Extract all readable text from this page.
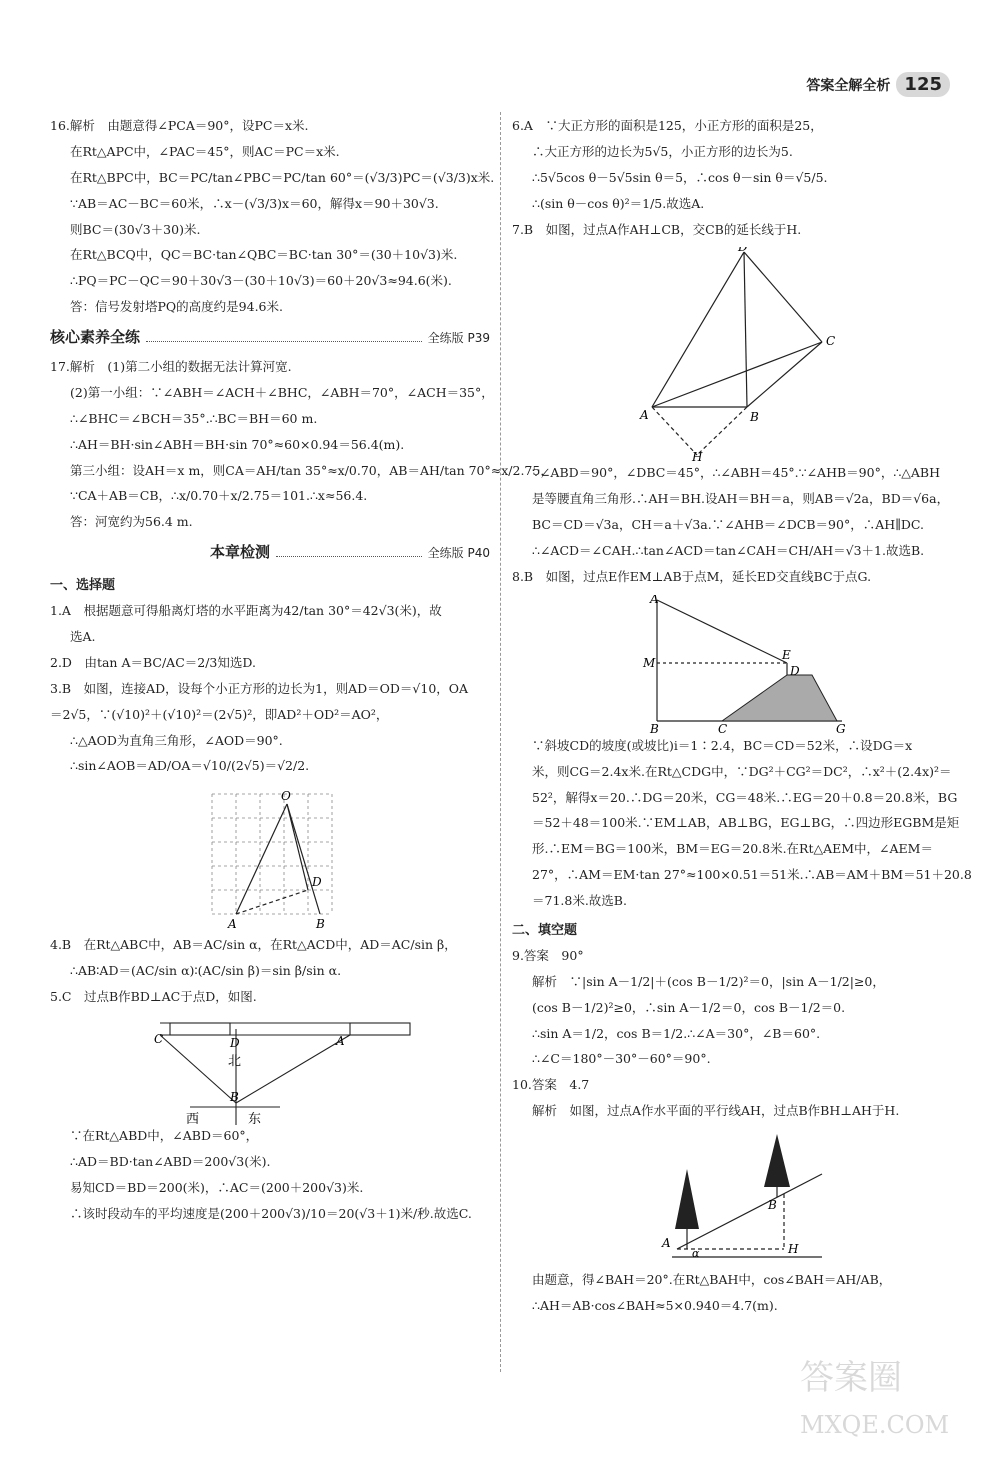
答案全解全析 125
16.解析　由题意得∠PCA＝90°，设PC＝x米.
在Rt△APC中，∠PAC＝45°，则AC＝PC＝x米.
在Rt△BPC中，BC＝PC/tan∠PBC＝PC/tan 60°＝(√3/3)PC＝(√3/3)x米.
∵AB＝AC－BC＝60米，∴x－(√3/3)x＝60，解得x＝90＋30√3.
则BC＝(30√3＋30)米.
在Rt△BCQ中，QC＝BC·tan∠QBC＝BC·tan 30°＝(30＋10√3)米.
∴PQ＝PC－QC＝90＋30√3－(30＋10√3)＝60＋20√3≈94.6(米).
答：信号发射塔PQ的高度约是94.6米.
核心素养全练	全练版 P39
17.解析　(1)第二小组的数据无法计算河宽.
(2)第一小组：∵∠ABH＝∠ACH＋∠BHC，∠ABH＝70°，∠ACH＝35°，
∴∠BHC＝∠BCH＝35°.∴BC＝BH＝60 m.
∴AH＝BH·sin∠ABH＝BH·sin 70°≈60×0.94＝56.4(m).
第三小组：设AH＝x m，则CA＝AH/tan 35°≈x/0.70，AB＝AH/tan 70°≈x/2.75，
∵CA＋AB＝CB，∴x/0.70＋x/2.75＝101.∴x≈56.4.
答：河宽约为56.4 m.
本章检测	全练版 P40
一、选择题
1.A　根据题意可得船离灯塔的水平距离为42/tan 30°＝42√3(米)，故
选A.
2.D　由tan A＝BC/AC＝2/3知选D.
3.B　如图，连接AD，设每个小正方形的边长为1，则AD＝OD＝√10，OA
＝2√5，∵(√10)²＋(√10)²＝(2√5)²，即AD²＋OD²＝AO²，
∴△AOD为直角三角形，∠AOD＝90°.
∴sin∠AOB＝AD/OA＝√10/(2√5)＝√2/2.
O
D
A	B
4.B　在Rt△ABC中，AB＝AC/sin α，在Rt△ACD中，AD＝AC/sin β，
∴AB∶AD＝(AC/sin α)∶(AC/sin β)＝sin β/sin α.
5.C　过点B作BD⊥AC于点D，如图.
C	D	A
B
北
西	东
∵在Rt△ABD中，∠ABD＝60°，
∴AD＝BD·tan∠ABD＝200√3(米).
易知CD＝BD＝200(米)，∴AC＝(200＋200√3)米.
∴该时段动车的平均速度是(200＋200√3)/10＝20(√3＋1)米/秒.故选C.
6.A　∵大正方形的面积是125，小正方形的面积是25，
∴大正方形的边长为5√5，小正方形的边长为5.
∴5√5cos θ－5√5sin θ＝5，∴cos θ－sin θ＝√5/5.
∴(sin θ－cos θ)²＝1/5.故选A.
7.B　如图，过点A作AH⊥CB，交CB的延长线于H.
D
C
A	B
H
∵∠ABD＝90°，∠DBC＝45°，∴∠ABH＝45°.∵∠AHB＝90°，∴△ABH
是等腰直角三角形.∴AH＝BH.设AH＝BH＝a，则AB＝√2a，BD＝√6a，
BC＝CD＝√3a，CH＝a＋√3a.∵∠AHB＝∠DCB＝90°，∴AH∥DC.
∴∠ACD＝∠CAH.∴tan∠ACD＝tan∠CAH＝CH/AH＝√3＋1.故选B.
8.B　如图，过点E作EM⊥AB于点M，延长ED交直线BC于点G.
A
M
E
D
B	C	G
∵斜坡CD的坡度(或坡比)i＝1∶2.4，BC＝CD＝52米，∴设DG＝x
米，则CG＝2.4x米.在Rt△CDG中，∵DG²＋CG²＝DC²，∴x²＋(2.4x)²＝
52²，解得x＝20.∴DG＝20米，CG＝48米.∴EG＝20＋0.8＝20.8米，BG
＝52＋48＝100米.∵EM⊥AB，AB⊥BG，EG⊥BG，∴四边形EGBM是矩
形.∴EM＝BG＝100米，BM＝EG＝20.8米.在Rt△AEM中，∠AEM＝
27°，∴AM＝EM·tan 27°≈100×0.51＝51米.∴AB＝AM＋BM＝51＋20.8
＝71.8米.故选B.
二、填空题
9.答案　90°
解析　∵|sin A－1/2|＋(cos B－1/2)²＝0，|sin A－1/2|≥0，
(cos B－1/2)²≥0，∴sin A－1/2＝0，cos B－1/2＝0.
∴sin A＝1/2，cos B＝1/2.∴∠A＝30°，∠B＝60°.
∴∠C＝180°－30°－60°＝90°.
10.答案　4.7
解析　如图，过点A作水平面的平行线AH，过点B作BH⊥AH于H.
A
α
B
H
由题意，得∠BAH＝20°.在Rt△BAH中，cos∠BAH＝AH/AB，
∴AH＝AB·cos∠BAH≈5×0.940＝4.7(m).
答案圈
MXQE.COM
